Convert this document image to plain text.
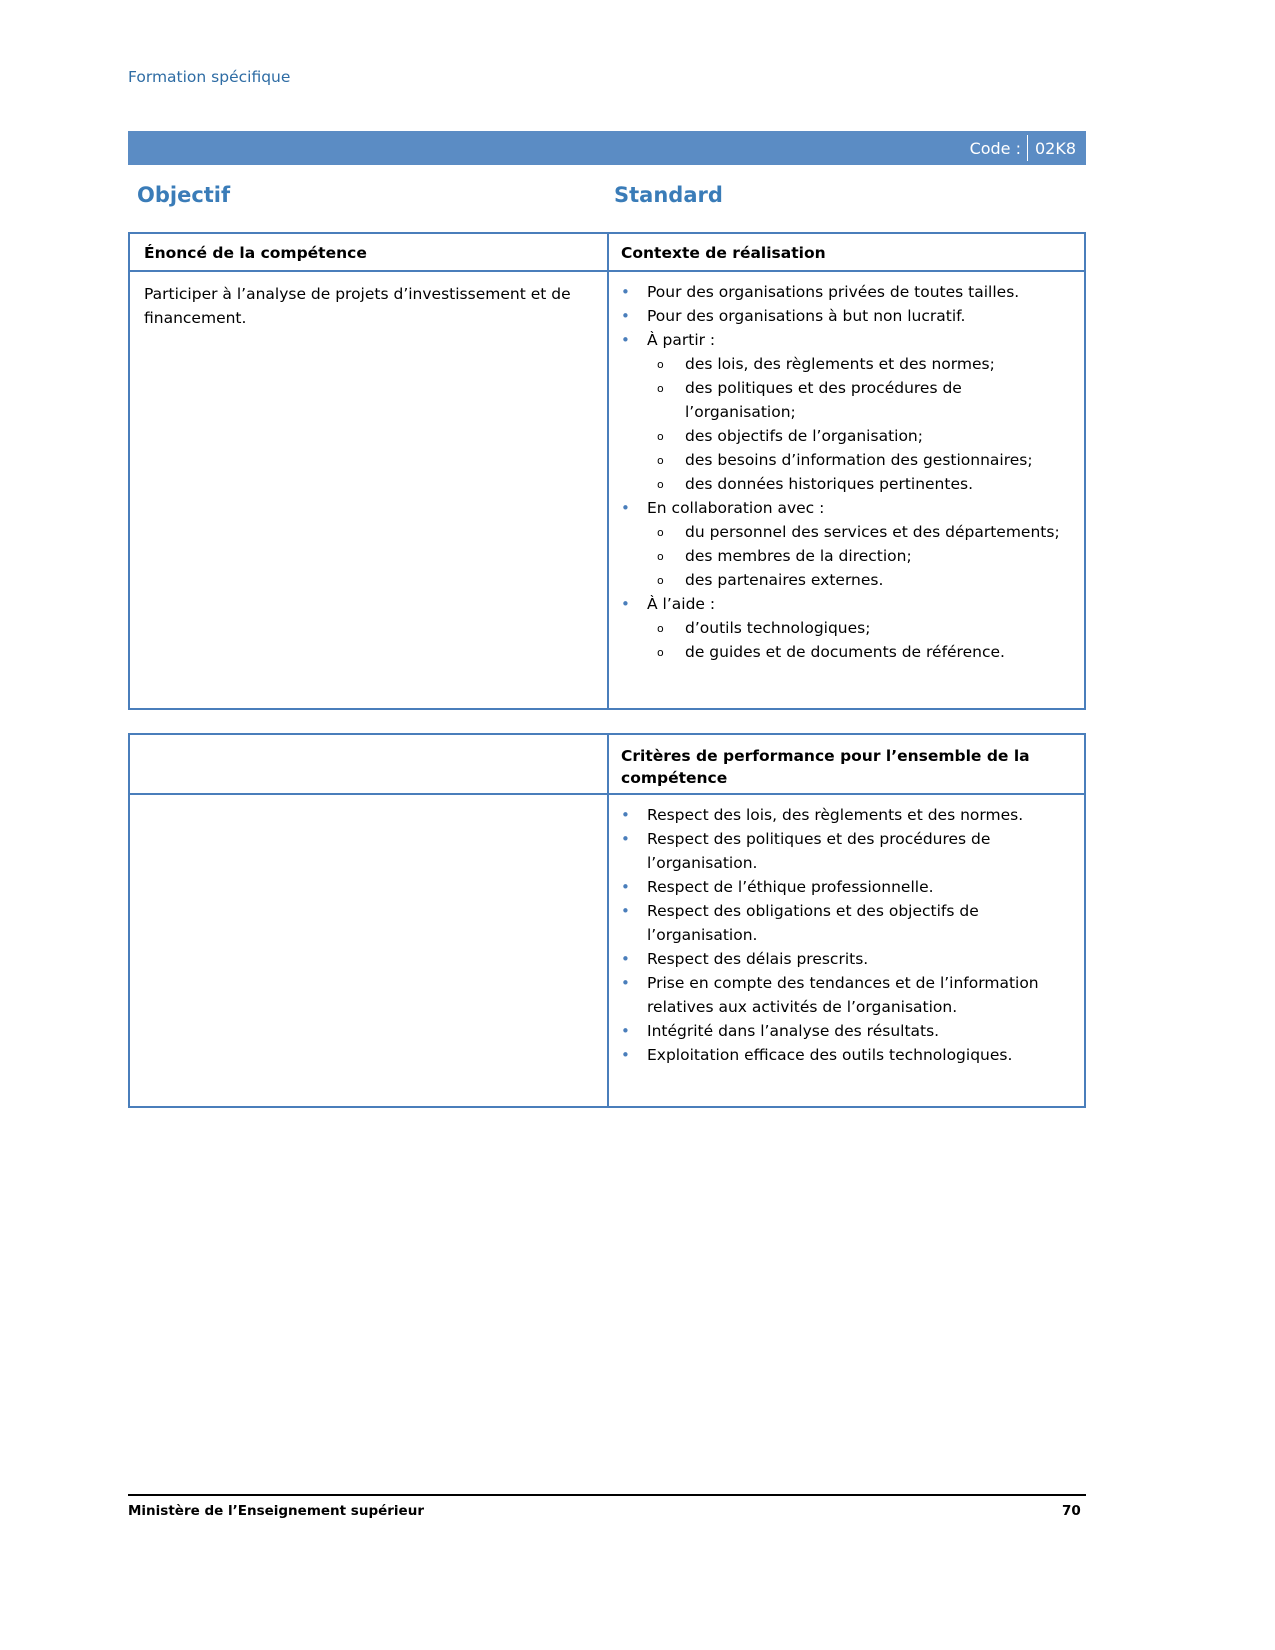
Formation spécifique
Code : 02K8
Objectif	Standard
Énoncé de la compétence	Contexte de réalisation
Participer à l’analyse de projets d’investissement et de financement.
• Pour des organisations privées de toutes tailles.
• Pour des organisations à but non lucratif.
• À partir :
o des lois, des règlements et des normes;
o des politiques et des procédures de l’organisation;
o des objectifs de l’organisation;
o des besoins d’information des gestionnaires;
o des données historiques pertinentes.
• En collaboration avec :
o du personnel des services et des départements;
o des membres de la direction;
o des partenaires externes.
• À l’aide :
o d’outils technologiques;
o de guides et de documents de référence.
Critères de performance pour l’ensemble de la compétence
• Respect des lois, des règlements et des normes.
• Respect des politiques et des procédures de l’organisation.
• Respect de l’éthique professionnelle.
• Respect des obligations et des objectifs de l’organisation.
• Respect des délais prescrits.
• Prise en compte des tendances et de l’information relatives aux activités de l’organisation.
• Intégrité dans l’analyse des résultats.
• Exploitation efficace des outils technologiques.
Ministère de l’Enseignement supérieur	70
